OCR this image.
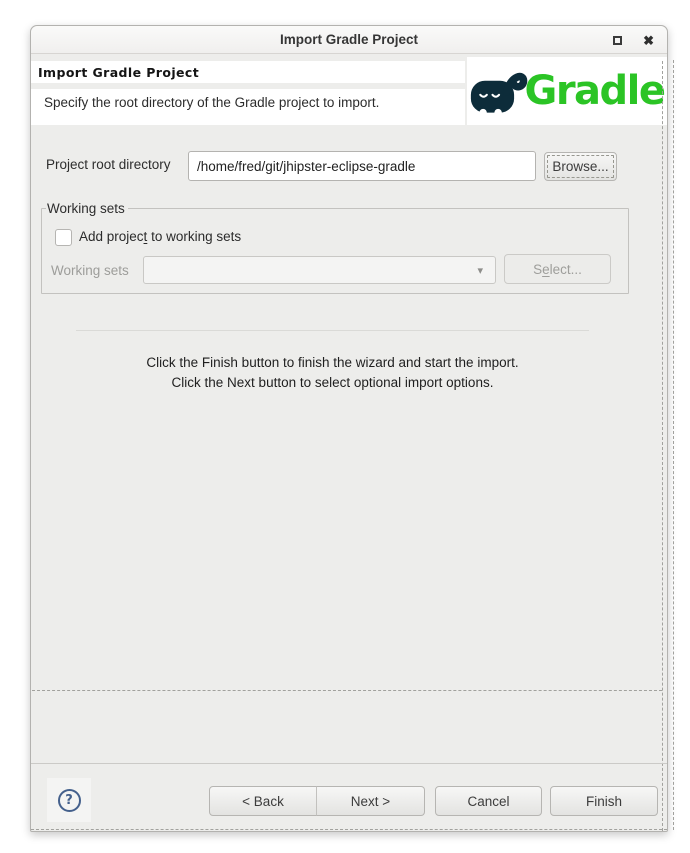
Import Gradle Project	✖
Import Gradle Project
Specify the root directory of the Gradle project to import.	Gradle
Project root directory
/home/fred/git/jhipster-eclipse-gradle	Browse...
Working sets
Add project to working sets
Working sets	▾	S e lect...

Click the Finish button to finish the wizard and start the import. Click the Next button to select optional import options.

?	< Back	Next >	Cancel	Finish
